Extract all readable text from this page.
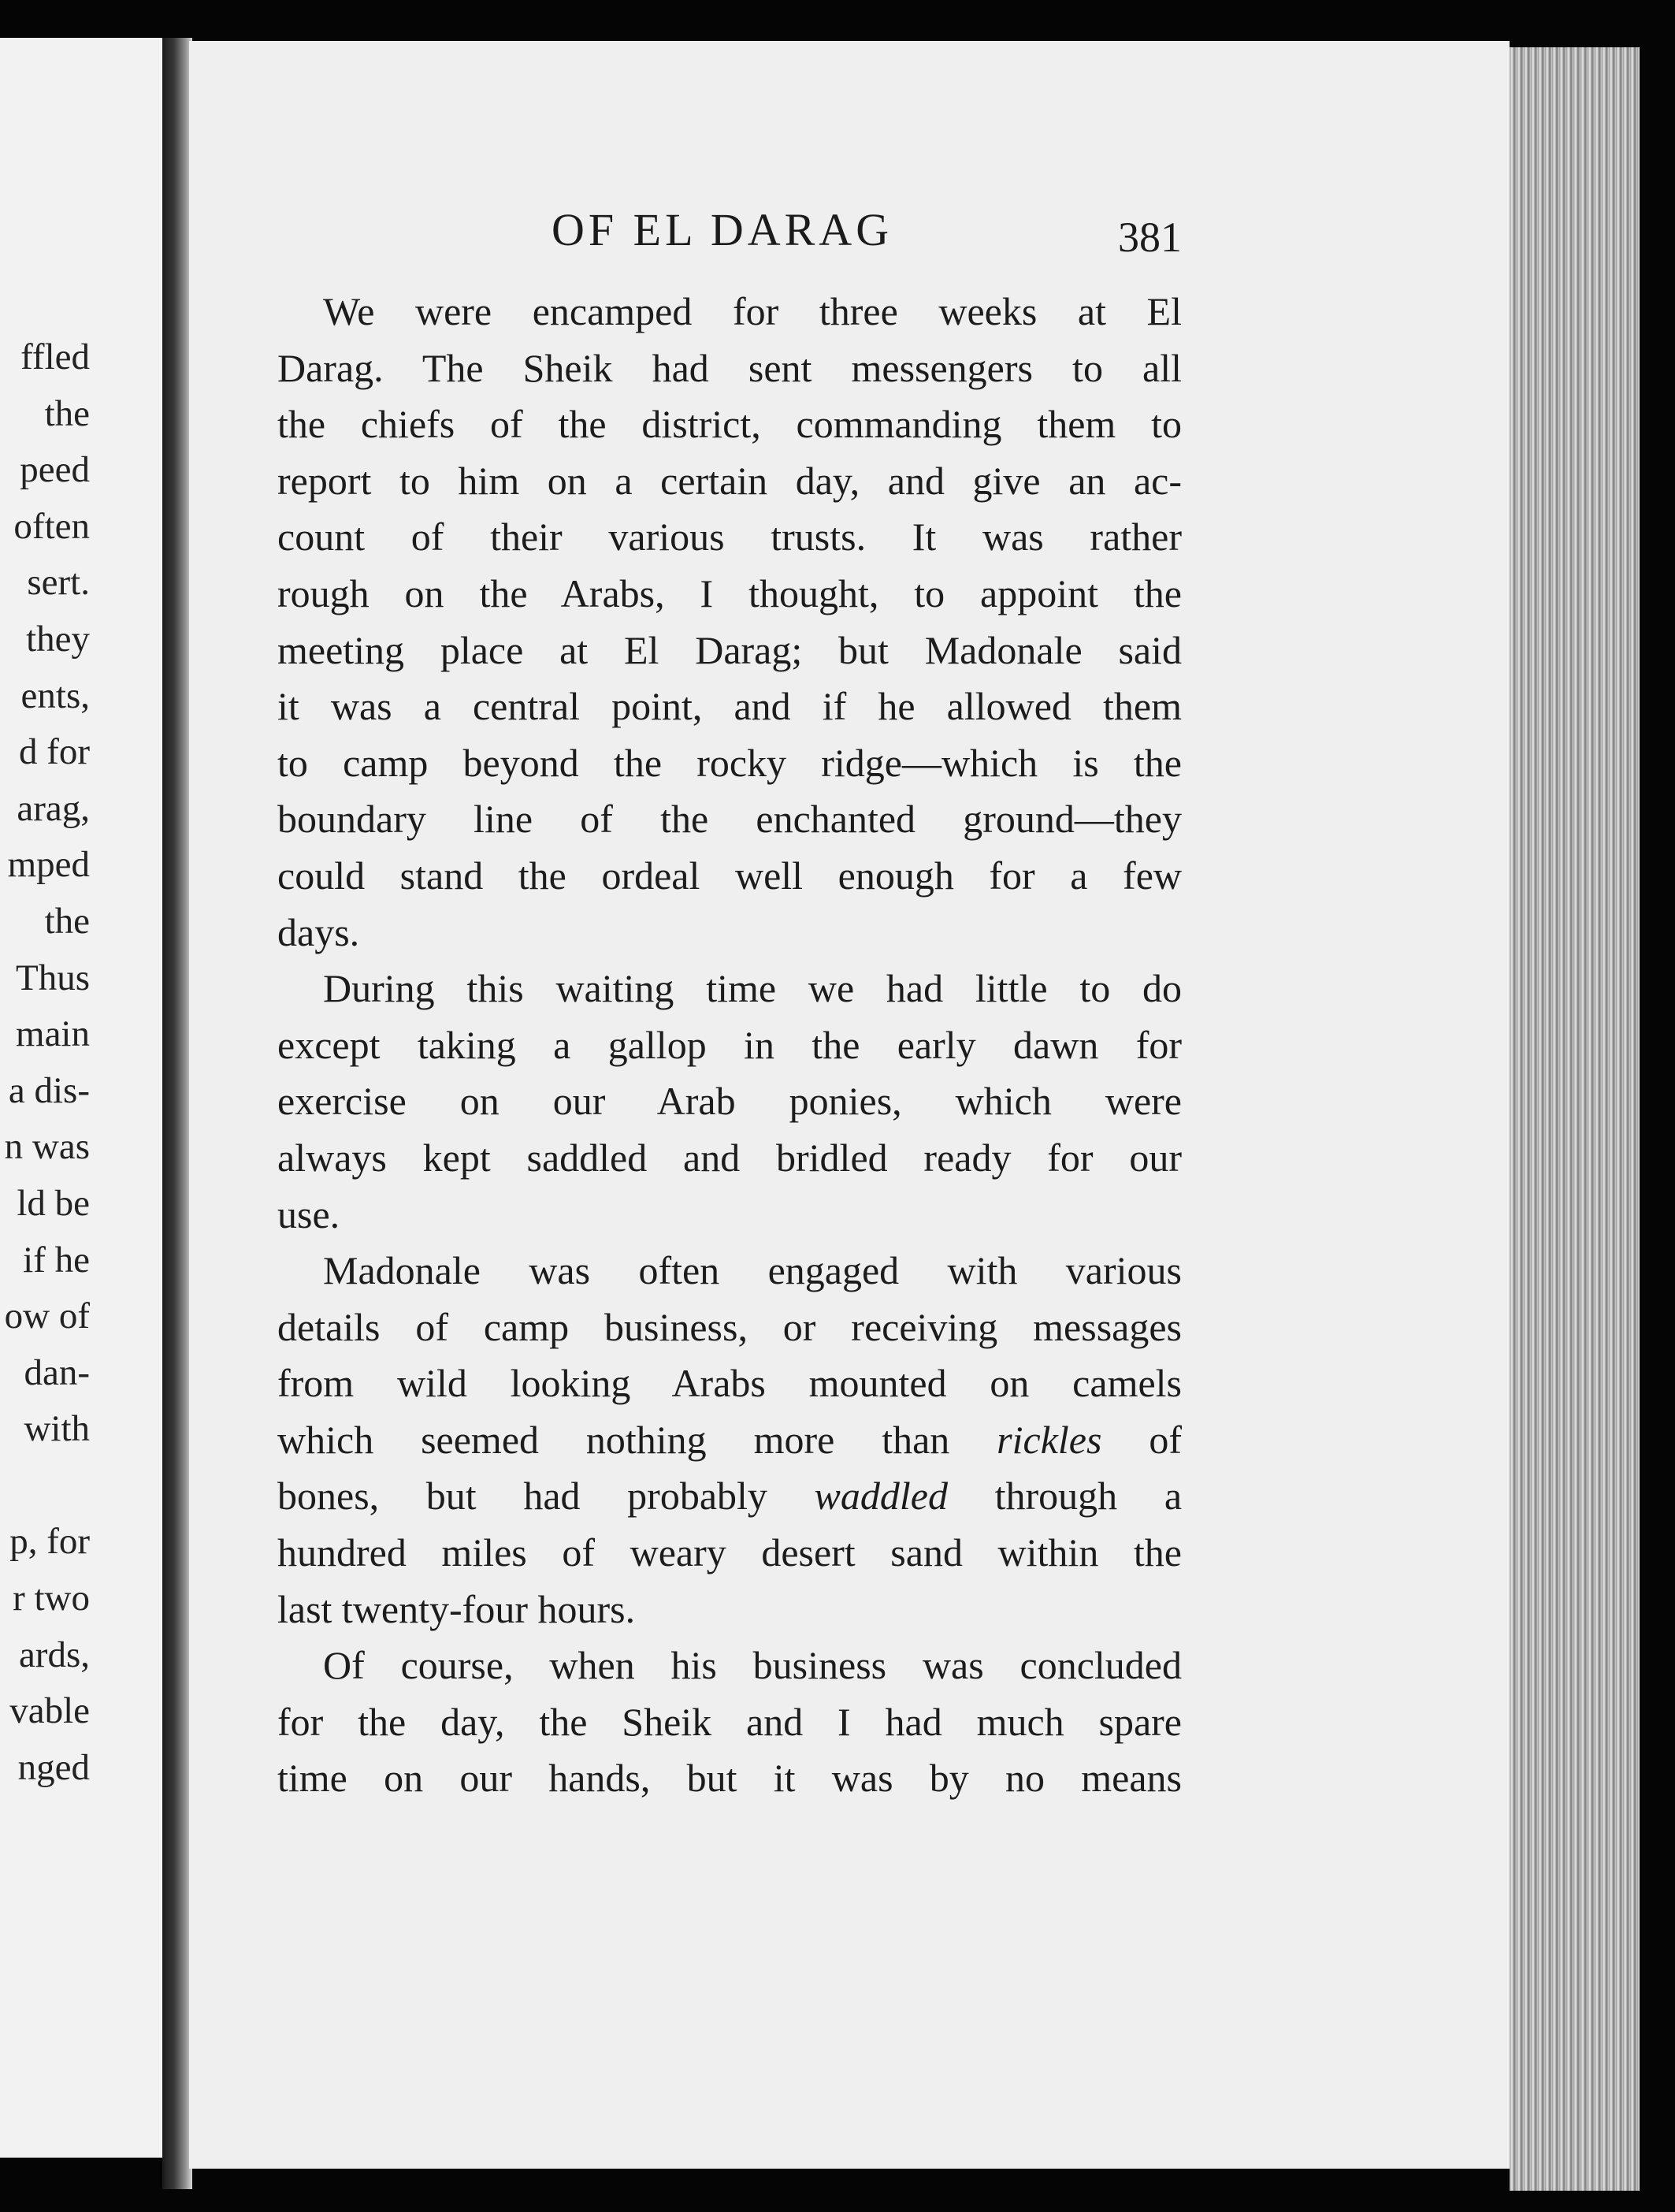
ffled
the
peed
often
sert.
they
ents,
d for
arag,
mped
the
Thus
main
a dis-
n was
ld be
if he
ow of
dan-
with

p, for
r two
ards,
vable
nged
OF EL DARAG	381
We were encamped for three weeks at El
Darag. The Sheik had sent messengers to all
the chiefs of the district, commanding them to
report to him on a certain day, and give an ac-
count of their various trusts. It was rather
rough on the Arabs, I thought, to appoint the
meeting place at El Darag; but Madonale said
it was a central point, and if he allowed them
to camp beyond the rocky ridge—which is the
boundary line of the enchanted ground—they
could stand the ordeal well enough for a few
days.
During this waiting time we had little to do
except taking a gallop in the early dawn for
exercise on our Arab ponies, which were
always kept saddled and bridled ready for our
use.
Madonale was often engaged with various
details of camp business, or receiving messages
from wild looking Arabs mounted on camels
which seemed nothing more than rickles of
bones, but had probably waddled through a
hundred miles of weary desert sand within the
last twenty-four hours.
Of course, when his business was concluded
for the day, the Sheik and I had much spare
time on our hands, but it was by no means
